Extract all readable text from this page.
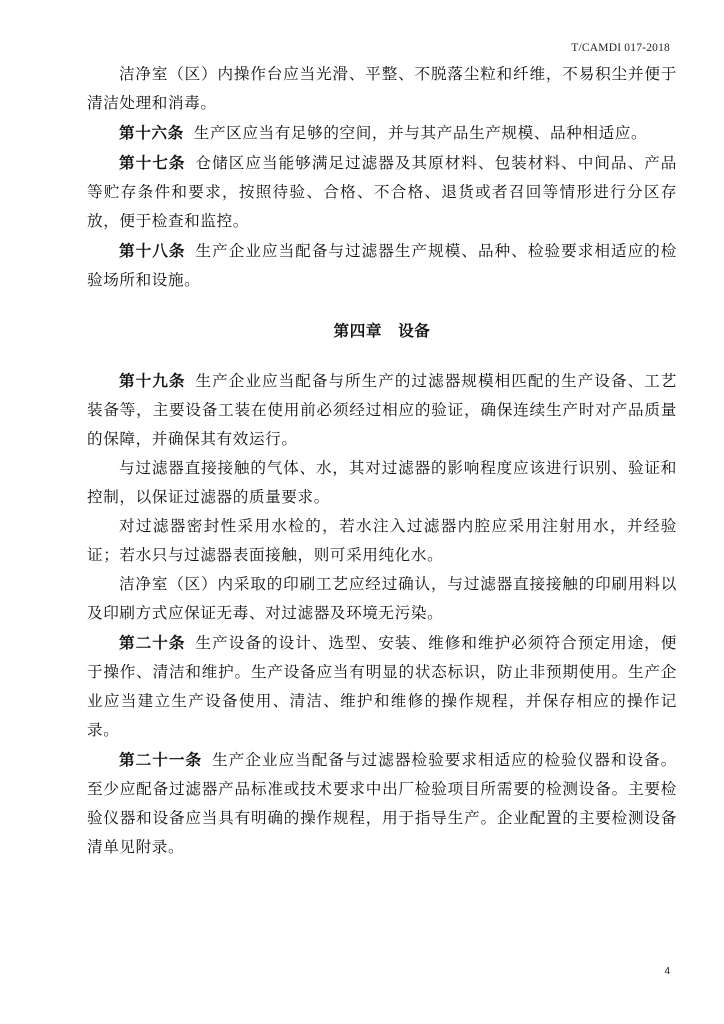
T/CAMDI 017-2018

洁净室（区）内操作台应当光滑、平整、不脱落尘粒和纤维，不易积尘并便于清洁处理和消毒。

第十六条 生产区应当有足够的空间，并与其产品生产规模、品种相适应。

第十七条 仓储区应当能够满足过滤器及其原材料、包装材料、中间品、产品等贮存条件和要求，按照待验、合格、不合格、退货或者召回等情形进行分区存放，便于检查和监控。

第十八条 生产企业应当配备与过滤器生产规模、品种、检验要求相适应的检验场所和设施。

第四章 设备

第十九条 生产企业应当配备与所生产的过滤器规模相匹配的生产设备、工艺装备等，主要设备工装在使用前必须经过相应的验证，确保连续生产时对产品质量的保障，并确保其有效运行。

与过滤器直接接触的气体、水，其对过滤器的影响程度应该进行识别、验证和控制，以保证过滤器的质量要求。

对过滤器密封性采用水检的，若水注入过滤器内腔应采用注射用水，并经验证；若水只与过滤器表面接触，则可采用纯化水。

洁净室（区）内采取的印刷工艺应经过确认，与过滤器直接接触的印刷用料以及印刷方式应保证无毒、对过滤器及环境无污染。

第二十条 生产设备的设计、选型、安装、维修和维护必须符合预定用途，便于操作、清洁和维护。生产设备应当有明显的状态标识，防止非预期使用。生产企业应当建立生产设备使用、清洁、维护和维修的操作规程，并保存相应的操作记录。

第二十一条 生产企业应当配备与过滤器检验要求相适应的检验仪器和设备。至少应配备过滤器产品标准或技术要求中出厂检验项目所需要的检测设备。主要检验仪器和设备应当具有明确的操作规程，用于指导生产。企业配置的主要检测设备清单见附录。

4
